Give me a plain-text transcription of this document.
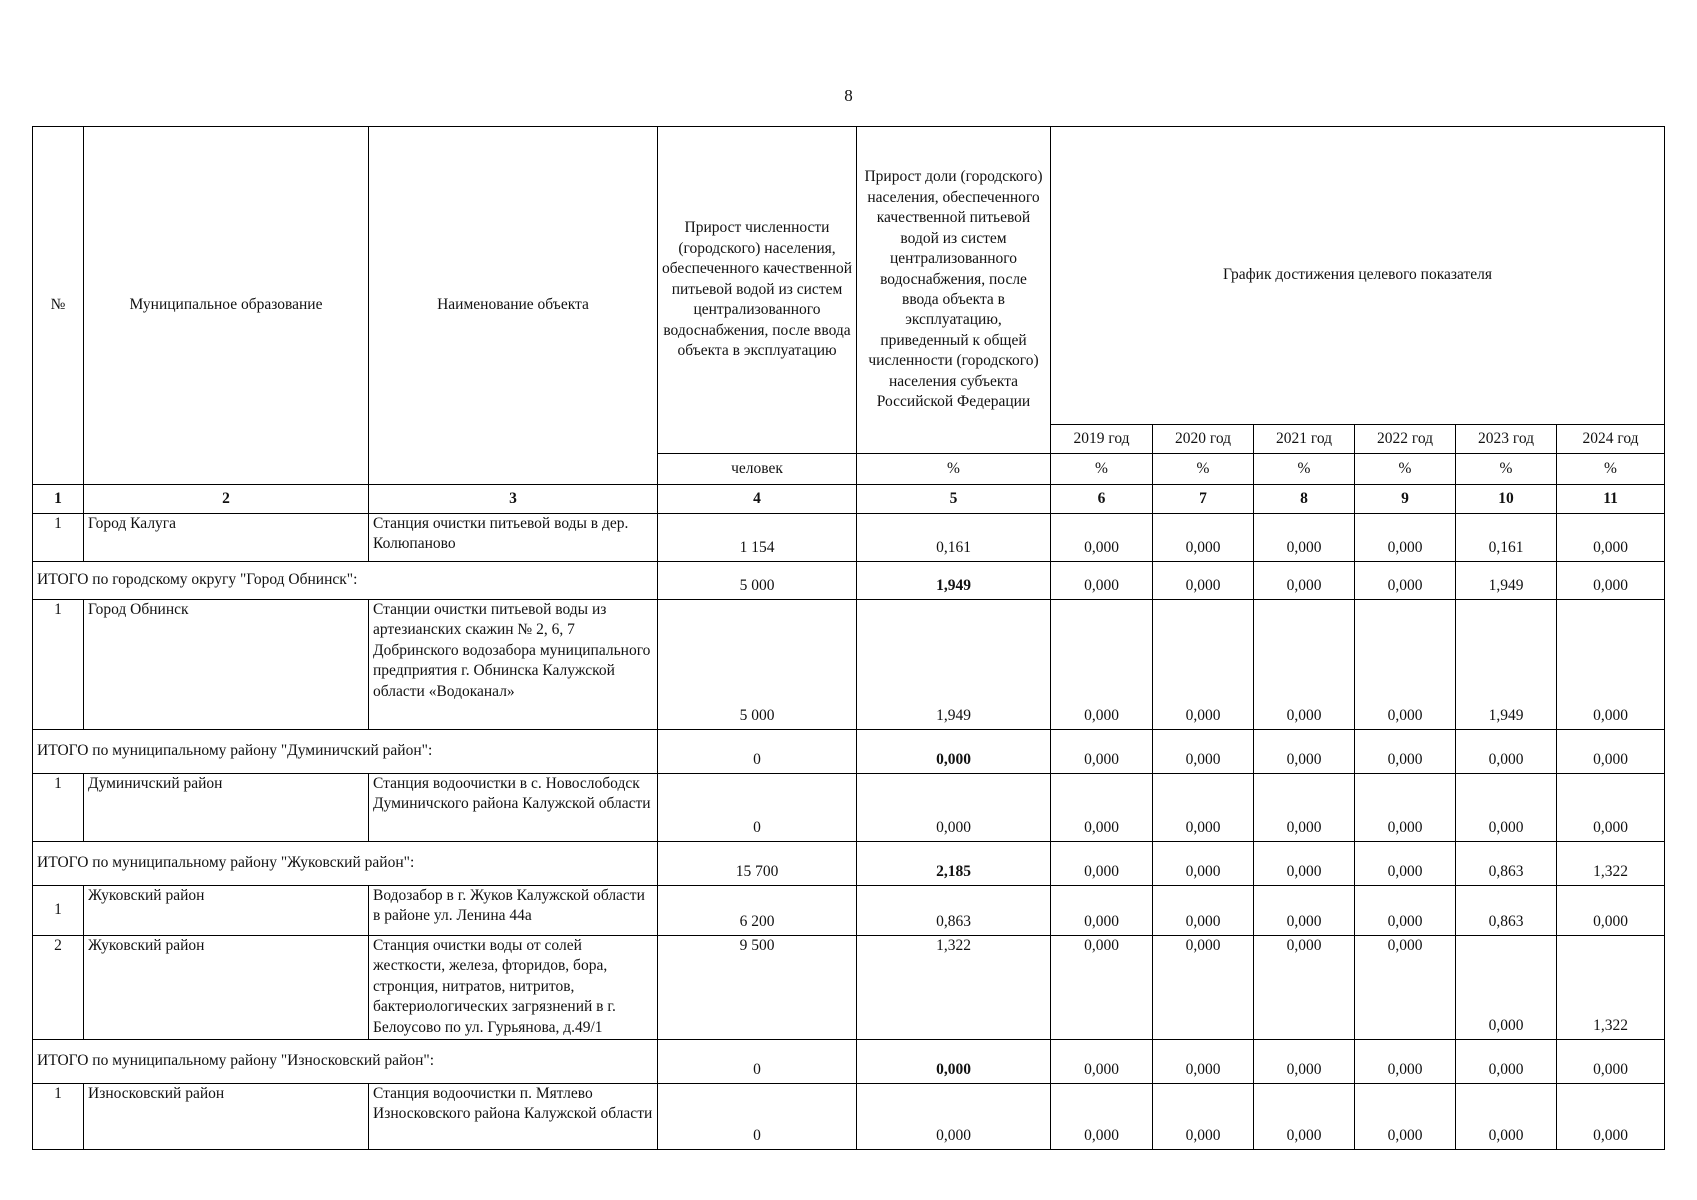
8
№	Муниципальное образование	Наименование объекта	Прирост численности (городского) населения, обеспеченного качественной питьевой водой из систем централизованного водоснабжения, после ввода объекта в эксплуатацию	Прирост доли (городского) населения, обеспеченного качественной питьевой водой из систем централизованного водоснабжения, после ввода объекта в эксплуатацию, приведенный к общей численности (городского) населения субъекта Российской Федерации	График достижения целевого показателя					
					2019 год	2020 год	2021 год	2022 год	2023 год	2024 год
			человек	%	%	%	%	%	%	%
1	2	3	4	5	6	7	8	9	10	11
1	Город Калуга	Станция очистки питьевой воды в дер. Колюпаново	1 154	0,161	0,000	0,000	0,000	0,000	0,161	0,000
ИТОГО по городскому округу "Город Обнинск":			5 000	1,949	0,000	0,000	0,000	0,000	1,949	0,000
1	Город Обнинск	Станции очистки питьевой воды из артезианских скажин № 2, 6, 7 Добринского водозабора муниципального предприятия г. Обнинска Калужской области «Водоканал»	5 000	1,949	0,000	0,000	0,000	0,000	1,949	0,000
ИТОГО по муниципальному району "Думиничский район":			0	0,000	0,000	0,000	0,000	0,000	0,000	0,000
1	Думиничский район	Станция водоочистки в с. Новослободск Думиничского района Калужской области	0	0,000	0,000	0,000	0,000	0,000	0,000	0,000
ИТОГО по муниципальному району "Жуковский район":			15 700	2,185	0,000	0,000	0,000	0,000	0,863	1,322
1	Жуковский район	Водозабор в г. Жуков Калужской области в районе ул. Ленина 44а	6 200	0,863	0,000	0,000	0,000	0,000	0,863	0,000
2	Жуковский район	Станция очистки воды от солей жесткости, железа, фторидов, бора, стронция, нитратов, нитритов, бактериологических загрязнений в г. Белоусово по ул. Гурьянова, д.49/1	9 500	1,322	0,000	0,000	0,000	0,000	0,000	1,322
ИТОГО по муниципальному району "Износковский район":			0	0,000	0,000	0,000	0,000	0,000	0,000	0,000
1	Износковский район	Станция водоочистки п. Мятлево Износковского района Калужской области	0	0,000	0,000	0,000	0,000	0,000	0,000	0,000
